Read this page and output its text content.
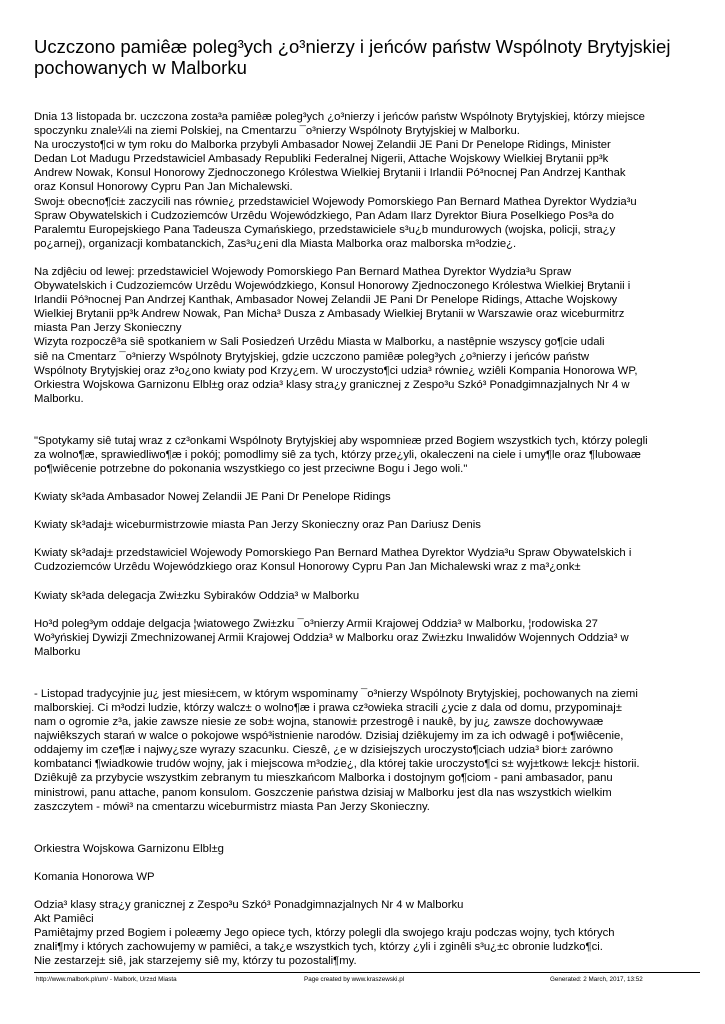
Uczczono pamiêæ poleg³ych ¿o³nierzy i jeńców państw Wspólnoty Brytyjskiej
pochowanych w Malborku
Dnia 13 listopada br. uczczona zosta³a pamiêæ poleg³ych ¿o³nierzy i jeńców państw Wspólnoty Brytyjskiej, którzy miejsce
spoczynku znale¼li na ziemi Polskiej, na Cmentarzu ¯o³nierzy Wspólnoty Brytyjskiej w Malborku.
Na uroczysto¶ci w tym roku do Malborka przybyli Ambasador Nowej Zelandii JE Pani Dr Penelope Ridings, Minister
Dedan Lot Madugu Przedstawiciel Ambasady Republiki Federalnej Nigerii, Attache Wojskowy Wielkiej Brytanii pp³k
Andrew Nowak, Konsul Honorowy Zjednoczonego Królestwa Wielkiej Brytanii i Irlandii Pó³nocnej Pan Andrzej Kanthak
oraz Konsul Honorowy Cypru Pan Jan Michalewski.
Swoj± obecno¶ci± zaczycili nas równie¿ przedstawiciel Wojewody Pomorskiego Pan Bernard Mathea Dyrektor Wydzia³u
Spraw Obywatelskich i Cudzoziemców Urzêdu Wojewódzkiego, Pan Adam Ilarz Dyrektor Biura Poselkiego Pos³a do
Paralemtu Europejskiego Pana Tadeusza Cymańskiego, przedstawiciele s³u¿b mundurowych (wojska, policji, stra¿y
po¿arnej), organizacji kombatanckich, Zas³u¿eni dla Miasta Malborka oraz malborska m³odzie¿.
Na zdjêciu od lewej: przedstawiciel Wojewody Pomorskiego Pan Bernard Mathea Dyrektor Wydzia³u Spraw
Obywatelskich i Cudzoziemców Urzêdu Wojewódzkiego, Konsul Honorowy Zjednoczonego Królestwa Wielkiej Brytanii i
Irlandii Pó³nocnej Pan Andrzej Kanthak, Ambasador Nowej Zelandii JE Pani Dr Penelope Ridings, Attache Wojskowy
Wielkiej Brytanii pp³k Andrew Nowak, Pan Micha³ Dusza z Ambasady Wielkiej Brytanii w Warszawie oraz wiceburmitrz
miasta Pan Jerzy Skonieczny
Wizyta rozpoczê³a siê spotkaniem w Sali Posiedzeń Urzêdu Miasta w Malborku, a nastêpnie wszyscy go¶cie udali
siê na Cmentarz ¯o³nierzy Wspólnoty Brytyjskiej, gdzie uczczono pamiêæ poleg³ych ¿o³nierzy i jeńców państw
Wspólnoty Brytyjskiej oraz z³o¿ono kwiaty pod Krzy¿em. W uroczysto¶ci udzia³ równie¿ wziêli Kompania Honorowa WP,
Orkiestra Wojskowa Garnizonu Elbl±g oraz odzia³ klasy stra¿y granicznej z Zespo³u Szkó³ Ponadgimnazjalnych Nr 4 w
Malborku.
"Spotykamy siê tutaj wraz z cz³onkami Wspólnoty Brytyjskiej aby wspomnieæ przed Bogiem wszystkich tych, którzy polegli
za wolno¶æ, sprawiedliwo¶æ i pokój; pomodlimy siê za tych, którzy prze¿yli, okaleczeni na ciele i umy¶le oraz ¶lubowaæ
po¶wiêcenie potrzebne do pokonania wszystkiego co jest przeciwne Bogu i Jego woli."
Kwiaty sk³ada Ambasador Nowej Zelandii JE Pani Dr Penelope Ridings
Kwiaty sk³adaj± wiceburmistrzowie miasta Pan Jerzy Skonieczny oraz Pan Dariusz Denis
Kwiaty sk³adaj± przedstawiciel Wojewody Pomorskiego Pan Bernard Mathea Dyrektor Wydzia³u Spraw Obywatelskich i
Cudzoziemców Urzêdu Wojewódzkiego oraz Konsul Honorowy Cypru Pan Jan Michalewski wraz z ma³¿onk±
Kwiaty sk³ada delegacja Zwi±zku Sybiraków Oddzia³ w Malborku
Ho³d poleg³ym oddaje delgacja ¦wiatowego Zwi±zku ¯o³nierzy Armii Krajowej Oddzia³ w Malborku, ¦rodowiska 27
Wo³yńskiej Dywizji Zmechnizowanej Armii Krajowej Oddzia³ w Malborku oraz Zwi±zku Inwalidów Wojennych Oddzia³ w
Malborku
- Listopad tradycyjnie ju¿ jest miesi±cem, w którym wspominamy ¯o³nierzy Wspólnoty Brytyjskiej, pochowanych na ziemi
malborskiej. Ci m³odzi ludzie, którzy walcz± o wolno¶æ i prawa cz³owieka stracili ¿ycie z dala od domu, przypominaj±
nam o ogromie z³a, jakie zawsze niesie ze sob± wojna, stanowi± przestrogê i naukê, by ju¿ zawsze dochowywaæ
najwiêkszych starań w walce o pokojowe wspó³istnienie narodów. Dzisiaj dziêkujemy im za ich odwagê i po¶wiêcenie,
oddajemy im cze¶æ i najwy¿sze wyrazy szacunku. Cieszê, ¿e w dzisiejszych uroczysto¶ciach udzia³ bior± zarówno
kombatanci ¶wiadkowie trudów wojny, jak i miejscowa m³odzie¿, dla której takie uroczysto¶ci s± wyj±tkow± lekcj± historii.
Dziêkujê za przybycie wszystkim zebranym tu mieszkańcom Malborka i dostojnym go¶ciom - pani ambasador, panu
ministrowi, panu attache, panom konsulom. Goszczenie państwa dzisiaj w Malborku jest dla nas wszystkich wielkim
zaszczytem - mówi³ na cmentarzu wiceburmistrz miasta Pan Jerzy Skonieczny.
Orkiestra Wojskowa Garnizonu Elbl±g
Komania Honorowa WP
Odzia³ klasy stra¿y granicznej z Zespo³u Szkó³ Ponadgimnazjalnych Nr 4 w Malborku
Akt Pamiêci
Pamiêtajmy przed Bogiem i poleæmy Jego opiece tych, którzy polegli dla swojego kraju podczas wojny, tych których
znali¶my i których zachowujemy w pamiêci, a tak¿e wszystkich tych, którzy ¿yli i zginêli s³u¿±c obronie ludzko¶ci.
Nie zestarzej± siê, jak starzejemy siê my, którzy tu pozostali¶my.
http://www.malbork.pl/um/ - Malbork, Urz±d Miasta	Page created by www.kraszewski.pl	Generated: 2 March, 2017, 13:52
